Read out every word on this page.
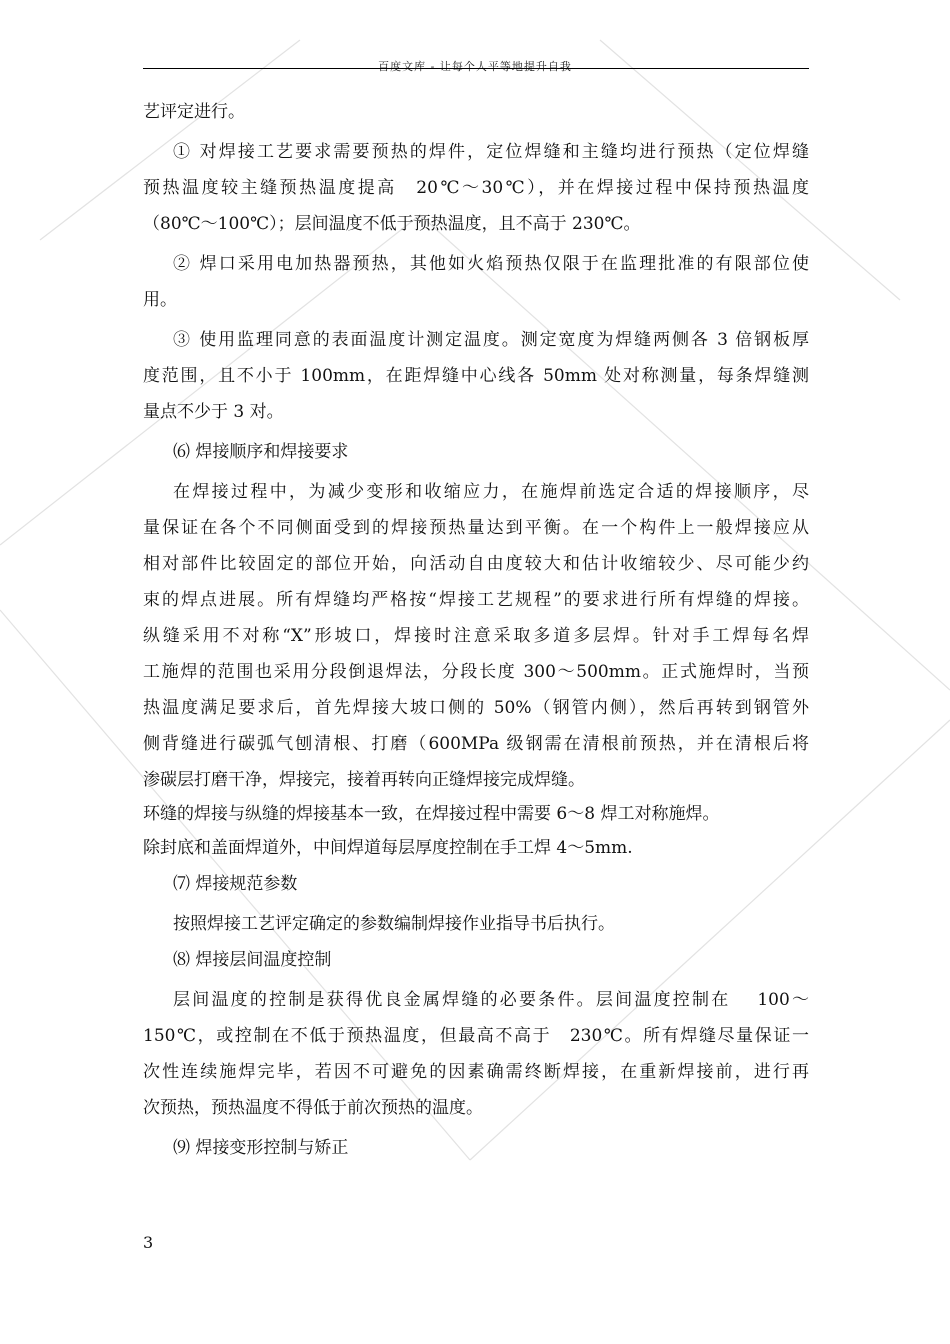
百度文库 - 让每个人平等地提升自我
艺评定进行。
① 对焊接工艺要求需要预热的焊件，定位焊缝和主缝均进行预热（定位焊缝
预热温度较主缝预热温度提高　20℃～30℃），并在焊接过程中保持预热温度
（80℃～100℃）；层间温度不低于预热温度，且不高于 230℃。
② 焊口采用电加热器预热，其他如火焰预热仅限于在监理批准的有限部位使
用。
③ 使用监理同意的表面温度计测定温度。测定宽度为焊缝两侧各 3 倍钢板厚
度范围，且不小于 100mm，在距焊缝中心线各 50mm 处对称测量，每条焊缝测
量点不少于 3 对。
⑹ 焊接顺序和焊接要求
在焊接过程中，为减少变形和收缩应力，在施焊前选定合适的焊接顺序，尽
量保证在各个不同侧面受到的焊接预热量达到平衡。在一个构件上一般焊接应从
相对部件比较固定的部位开始，向活动自由度较大和估计收缩较少、尽可能少约
束的焊点进展。所有焊缝均严格按“焊接工艺规程”的要求进行所有焊缝的焊接。
纵缝采用不对称“X”形坡口，焊接时注意采取多道多层焊。针对手工焊每名焊
工施焊的范围也采用分段倒退焊法，分段长度 300～500mm。正式施焊时，当预
热温度满足要求后，首先焊接大坡口侧的 50%（钢管内侧），然后再转到钢管外
侧背缝进行碳弧气刨清根、打磨（600MPa 级钢需在清根前预热，并在清根后将
渗碳层打磨干净，焊接完，接着再转向正缝焊接完成焊缝。
环缝的焊接与纵缝的焊接基本一致，在焊接过程中需要 6～8 焊工对称施焊。
除封底和盖面焊道外，中间焊道每层厚度控制在手工焊 4～5mm.
⑺ 焊接规范参数
按照焊接工艺评定确定的参数编制焊接作业指导书后执行。
⑻ 焊接层间温度控制
层间温度的控制是获得优良金属焊缝的必要条件。层间温度控制在　 100～
150℃，或控制在不低于预热温度，但最高不高于　230℃。所有焊缝尽量保证一
次性连续施焊完毕，若因不可避免的因素确需终断焊接，在重新焊接前，进行再
次预热，预热温度不得低于前次预热的温度。
⑼ 焊接变形控制与矫正
3
